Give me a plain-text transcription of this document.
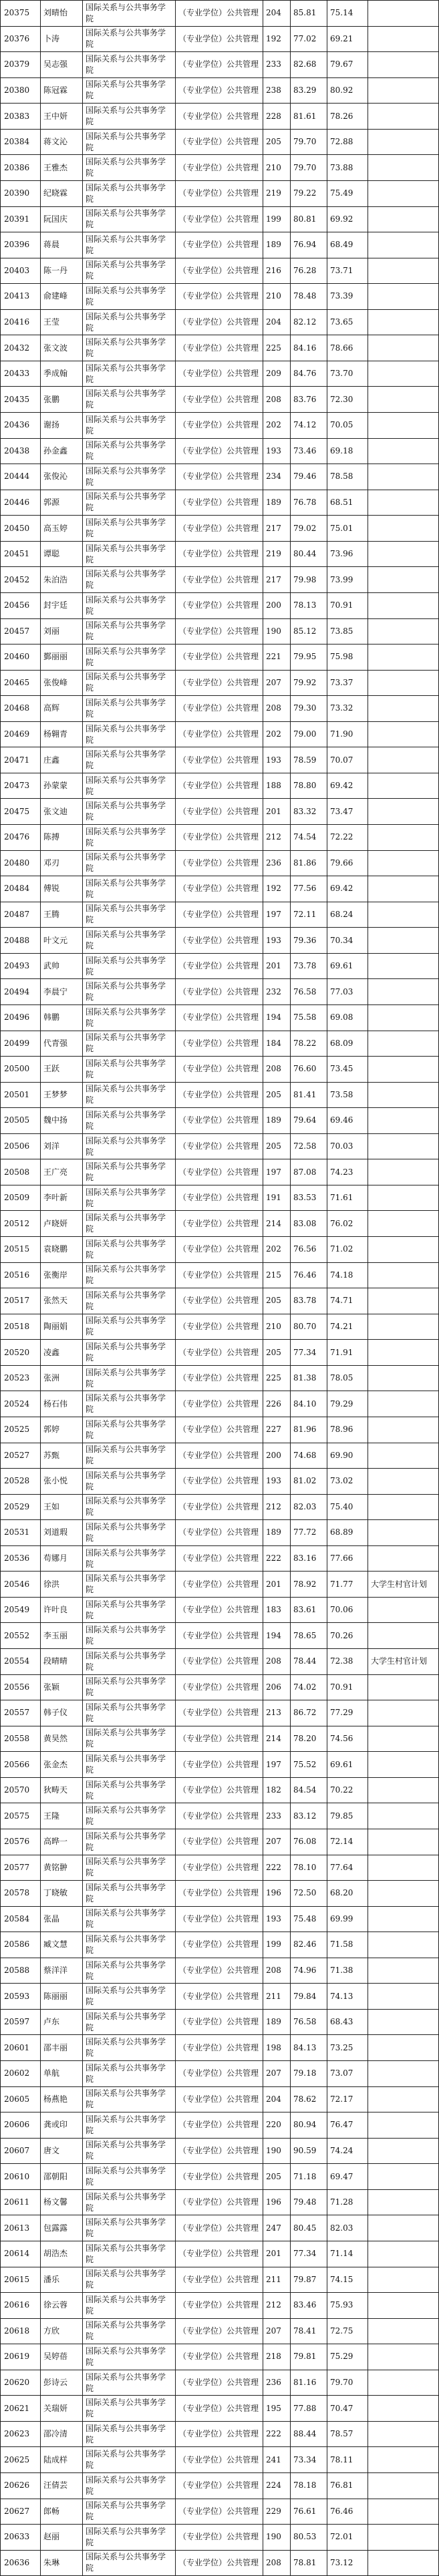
20375	刘晴怡	国际关系与公共事务学院	（专业学位）公共管理	204	85.81	75.14	
20376	卜涛	国际关系与公共事务学院	（专业学位）公共管理	192	77.02	69.21	
20379	吴志强	国际关系与公共事务学院	（专业学位）公共管理	233	82.68	79.67	
20380	陈冠霖	国际关系与公共事务学院	（专业学位）公共管理	238	83.29	80.92	
20383	王中妍	国际关系与公共事务学院	（专业学位）公共管理	228	81.61	78.26	
20384	蒋文沁	国际关系与公共事务学院	（专业学位）公共管理	205	79.70	72.88	
20386	王雅杰	国际关系与公共事务学院	（专业学位）公共管理	210	79.70	73.88	
20390	纪晓霖	国际关系与公共事务学院	（专业学位）公共管理	219	79.22	75.49	
20391	阮国庆	国际关系与公共事务学院	（专业学位）公共管理	199	80.81	69.92	
20396	蒋晨	国际关系与公共事务学院	（专业学位）公共管理	189	76.94	68.49	
20403	陈一丹	国际关系与公共事务学院	（专业学位）公共管理	216	76.28	73.71	
20413	俞建峰	国际关系与公共事务学院	（专业学位）公共管理	210	78.48	73.39	
20416	王莹	国际关系与公共事务学院	（专业学位）公共管理	204	82.12	73.65	
20432	张文波	国际关系与公共事务学院	（专业学位）公共管理	225	84.16	78.66	
20433	季成翰	国际关系与公共事务学院	（专业学位）公共管理	209	84.76	73.70	
20435	张鹏	国际关系与公共事务学院	（专业学位）公共管理	208	83.76	72.30	
20436	谢扬	国际关系与公共事务学院	（专业学位）公共管理	202	74.12	70.05	
20438	孙金鑫	国际关系与公共事务学院	（专业学位）公共管理	193	73.46	69.18	
20444	张俊沁	国际关系与公共事务学院	（专业学位）公共管理	234	79.46	78.58	
20446	郭源	国际关系与公共事务学院	（专业学位）公共管理	189	76.78	68.51	
20450	高玉婷	国际关系与公共事务学院	（专业学位）公共管理	217	79.02	75.01	
20451	谭聪	国际关系与公共事务学院	（专业学位）公共管理	219	80.44	73.96	
20452	朱泊浩	国际关系与公共事务学院	（专业学位）公共管理	217	79.98	73.99	
20456	封宇廷	国际关系与公共事务学院	（专业学位）公共管理	200	78.13	70.91	
20457	刘丽	国际关系与公共事务学院	（专业学位）公共管理	190	85.12	73.85	
20460	鄞丽丽	国际关系与公共事务学院	（专业学位）公共管理	221	79.95	75.98	
20465	张俊峰	国际关系与公共事务学院	（专业学位）公共管理	207	79.92	73.37	
20468	高辉	国际关系与公共事务学院	（专业学位）公共管理	208	79.30	73.32	
20469	杨翱青	国际关系与公共事务学院	（专业学位）公共管理	202	79.00	71.90	
20471	庄鑫	国际关系与公共事务学院	（专业学位）公共管理	193	78.59	70.07	
20473	孙蒙蒙	国际关系与公共事务学院	（专业学位）公共管理	188	78.80	69.42	
20475	张文迪	国际关系与公共事务学院	（专业学位）公共管理	201	83.32	73.47	
20476	陈搏	国际关系与公共事务学院	（专业学位）公共管理	212	74.54	72.22	
20480	邓刃	国际关系与公共事务学院	（专业学位）公共管理	236	81.86	79.66	
20484	傅锐	国际关系与公共事务学院	（专业学位）公共管理	192	77.56	69.42	
20487	王腾	国际关系与公共事务学院	（专业学位）公共管理	197	72.11	68.24	
20488	叶文元	国际关系与公共事务学院	（专业学位）公共管理	193	79.36	70.34	
20493	武帅	国际关系与公共事务学院	（专业学位）公共管理	201	73.78	69.61	
20494	李晨宁	国际关系与公共事务学院	（专业学位）公共管理	232	76.58	77.03	
20496	韩鹏	国际关系与公共事务学院	（专业学位）公共管理	194	75.58	69.08	
20499	代青强	国际关系与公共事务学院	（专业学位）公共管理	184	78.22	68.09	
20500	王跃	国际关系与公共事务学院	（专业学位）公共管理	208	76.60	73.45	
20501	王梦梦	国际关系与公共事务学院	（专业学位）公共管理	205	81.41	73.58	
20505	魏中扬	国际关系与公共事务学院	（专业学位）公共管理	189	79.64	69.46	
20506	刘洋	国际关系与公共事务学院	（专业学位）公共管理	205	72.58	70.03	
20508	王广亮	国际关系与公共事务学院	（专业学位）公共管理	197	87.08	74.23	
20509	李叶新	国际关系与公共事务学院	（专业学位）公共管理	191	83.53	71.61	
20512	卢晓妍	国际关系与公共事务学院	（专业学位）公共管理	214	83.08	76.02	
20515	袁晓鹏	国际关系与公共事务学院	（专业学位）公共管理	202	76.56	71.02	
20516	张衡岸	国际关系与公共事务学院	（专业学位）公共管理	215	76.46	74.18	
20517	张然天	国际关系与公共事务学院	（专业学位）公共管理	205	83.78	74.71	
20518	陶丽娟	国际关系与公共事务学院	（专业学位）公共管理	210	80.70	74.21	
20520	凌鑫	国际关系与公共事务学院	（专业学位）公共管理	205	77.34	71.91	
20523	张洲	国际关系与公共事务学院	（专业学位）公共管理	225	81.38	78.05	
20524	杨石伟	国际关系与公共事务学院	（专业学位）公共管理	226	84.10	79.29	
20525	郭婷	国际关系与公共事务学院	（专业学位）公共管理	227	81.96	78.96	
20527	苏甄	国际关系与公共事务学院	（专业学位）公共管理	200	74.68	69.90	
20528	张小悦	国际关系与公共事务学院	（专业学位）公共管理	193	81.02	73.02	
20529	王如	国际关系与公共事务学院	（专业学位）公共管理	212	82.03	75.40	
20531	刘道瑕	国际关系与公共事务学院	（专业学位）公共管理	189	77.72	68.89	
20536	苟娜月	国际关系与公共事务学院	（专业学位）公共管理	222	83.16	77.66	
20546	徐洪	国际关系与公共事务学院	（专业学位）公共管理	201	78.92	71.77	大学生村官计划
20549	许叶良	国际关系与公共事务学院	（专业学位）公共管理	183	83.61	70.06	
20552	李玉丽	国际关系与公共事务学院	（专业学位）公共管理	194	78.65	70.26	
20554	段晴晴	国际关系与公共事务学院	（专业学位）公共管理	208	78.44	72.38	大学生村官计划
20556	张颖	国际关系与公共事务学院	（专业学位）公共管理	206	74.02	70.91	
20557	韩子仪	国际关系与公共事务学院	（专业学位）公共管理	213	86.72	77.29	
20558	黄昊然	国际关系与公共事务学院	（专业学位）公共管理	214	78.20	74.56	
20566	张金杰	国际关系与公共事务学院	（专业学位）公共管理	197	75.52	69.61	
20570	狄畴天	国际关系与公共事务学院	（专业学位）公共管理	182	84.54	70.22	
20575	王隆	国际关系与公共事务学院	（专业学位）公共管理	233	83.12	79.85	
20576	高晔一	国际关系与公共事务学院	（专业学位）公共管理	207	76.08	72.14	
20577	黄铭翀	国际关系与公共事务学院	（专业学位）公共管理	222	78.10	77.64	
20578	丁晓敏	国际关系与公共事务学院	（专业学位）公共管理	196	72.50	68.20	
20584	张晶	国际关系与公共事务学院	（专业学位）公共管理	193	75.48	69.99	
20586	臧文慧	国际关系与公共事务学院	（专业学位）公共管理	199	82.46	71.58	
20588	蔡洋洋	国际关系与公共事务学院	（专业学位）公共管理	208	74.96	71.38	
20593	陈丽丽	国际关系与公共事务学院	（专业学位）公共管理	211	79.84	74.13	
20597	卢东	国际关系与公共事务学院	（专业学位）公共管理	189	76.58	68.43	
20601	邵丰丽	国际关系与公共事务学院	（专业学位）公共管理	198	84.13	73.25	
20602	单航	国际关系与公共事务学院	（专业学位）公共管理	207	79.18	73.07	
20605	杨燕艳	国际关系与公共事务学院	（专业学位）公共管理	204	78.62	72.17	
20606	龚或印	国际关系与公共事务学院	（专业学位）公共管理	220	80.94	76.47	
20607	唐文	国际关系与公共事务学院	（专业学位）公共管理	190	90.59	74.24	
20610	邵朝阳	国际关系与公共事务学院	（专业学位）公共管理	205	71.18	69.47	
20611	杨文馨	国际关系与公共事务学院	（专业学位）公共管理	196	79.48	71.28	
20613	包露露	国际关系与公共事务学院	（专业学位）公共管理	247	80.45	82.03	
20614	胡浩杰	国际关系与公共事务学院	（专业学位）公共管理	201	77.34	71.14	
20615	潘乐	国际关系与公共事务学院	（专业学位）公共管理	211	79.87	74.15	
20616	徐云蓉	国际关系与公共事务学院	（专业学位）公共管理	212	83.46	75.93	
20618	方欣	国际关系与公共事务学院	（专业学位）公共管理	207	78.41	72.75	
20619	吴婷蓓	国际关系与公共事务学院	（专业学位）公共管理	218	79.81	75.29	
20620	彭诗云	国际关系与公共事务学院	（专业学位）公共管理	236	81.16	79.70	
20621	关瑞妍	国际关系与公共事务学院	（专业学位）公共管理	195	77.88	70.47	
20623	邵冷清	国际关系与公共事务学院	（专业学位）公共管理	222	88.44	78.57	
20625	陆成样	国际关系与公共事务学院	（专业学位）公共管理	241	73.34	78.11	
20626	汪倩芸	国际关系与公共事务学院	（专业学位）公共管理	224	78.18	76.81	
20627	郎畅	国际关系与公共事务学院	（专业学位）公共管理	229	76.61	76.46	
20633	赵丽	国际关系与公共事务学院	（专业学位）公共管理	190	80.53	72.01	
20636	朱琳	国际关系与公共事务学院	（专业学位）公共管理	208	78.81	73.12	
